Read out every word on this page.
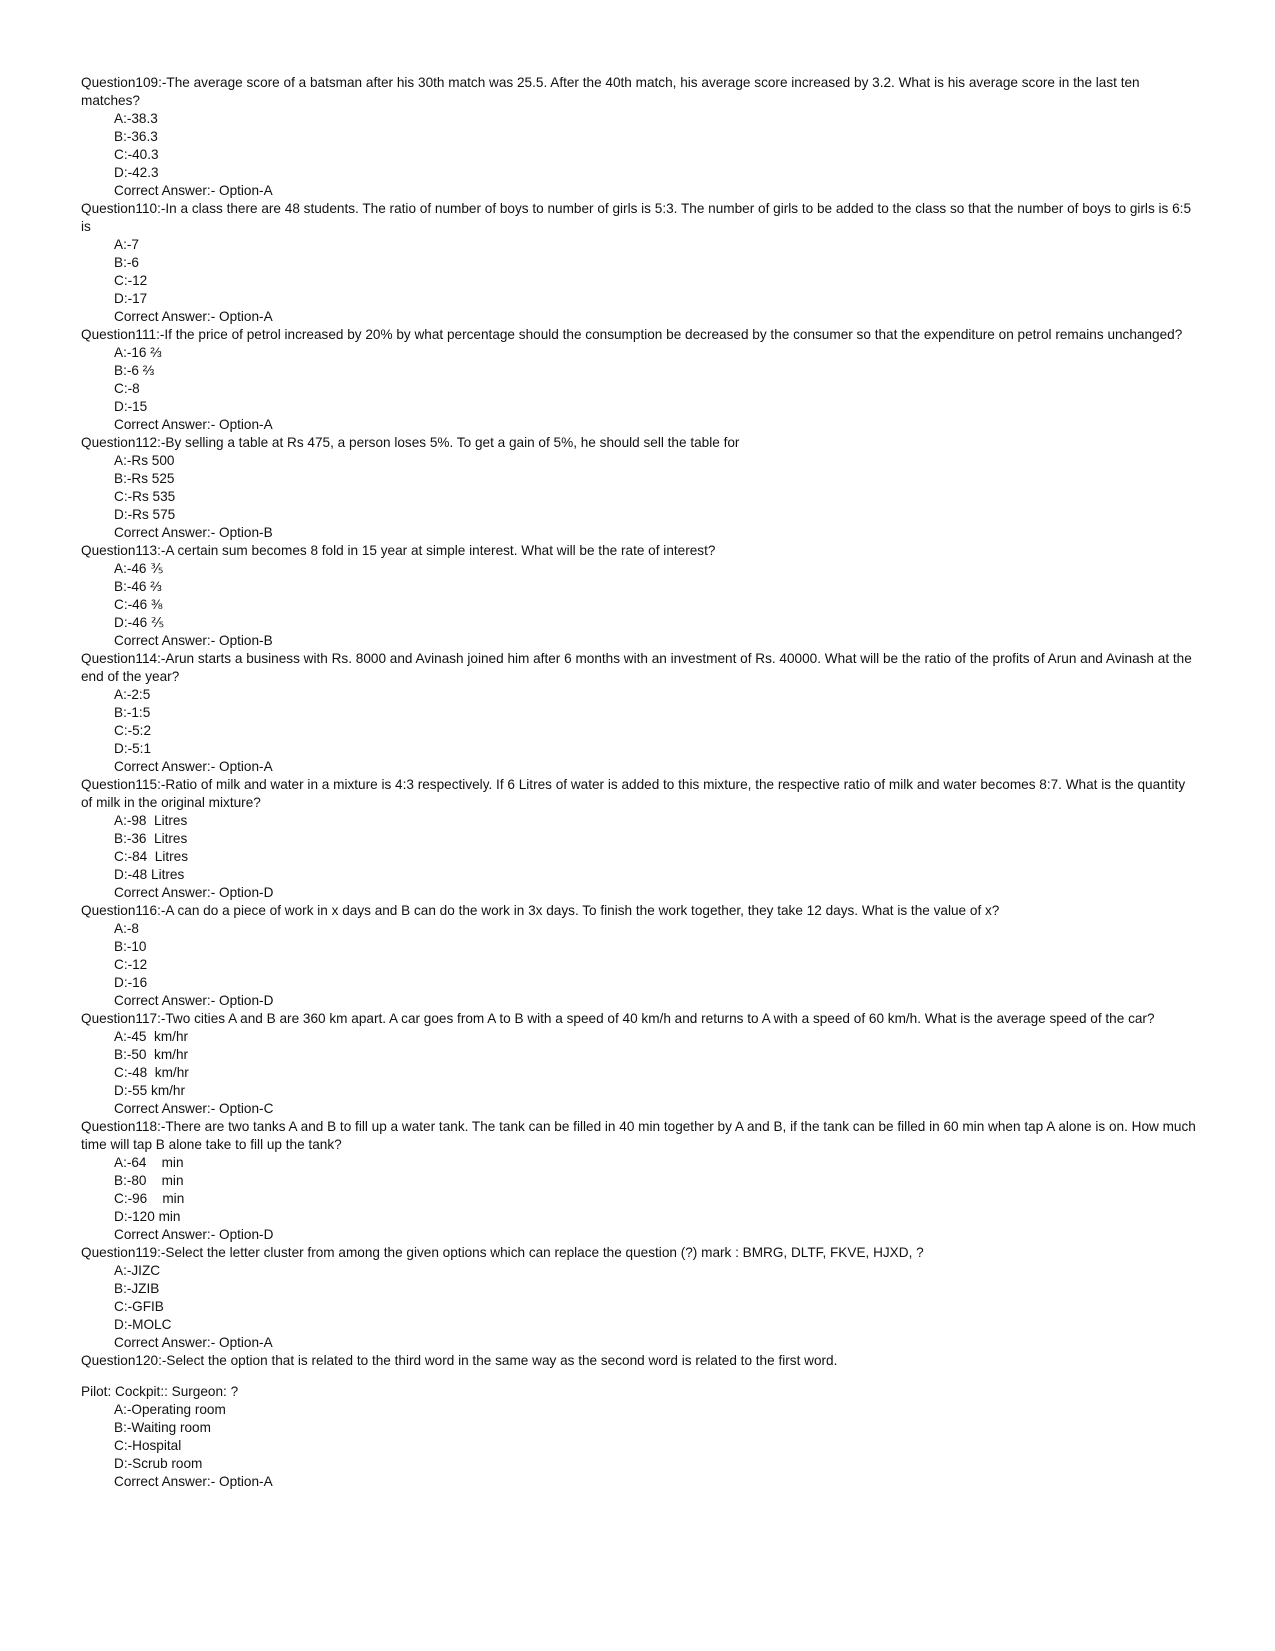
Question109:-The average score of a batsman after his 30th match was 25.5. After the 40th match, his average score increased by 3.2. What is his average score in the last ten matches?

A:-38.3

B:-36.3

C:-40.3

D:-42.3

Correct Answer:- Option-A

Question110:-In a class there are 48 students. The ratio of number of boys to number of girls is 5:3. The number of girls to be added to the class so that the number of boys to girls is 6:5 is

A:-7

B:-6

C:-12

D:-17

Correct Answer:- Option-A

Question111:-If the price of petrol increased by 20% by what percentage should the consumption be decreased by the consumer so that the expenditure on petrol remains unchanged?

A:-16 ⅔

B:-6 ⅔

C:-8

D:-15

Correct Answer:- Option-A

Question112:-By selling a table at Rs 475, a person loses 5%. To get a gain of 5%, he should sell the table for

A:-Rs 500

B:-Rs 525

C:-Rs 535

D:-Rs 575

Correct Answer:- Option-B

Question113:-A certain sum becomes 8 fold in 15 year at simple interest. What will be the rate of interest?

A:-46 ⅗

B:-46 ⅔

C:-46 ⅜

D:-46 ⅖

Correct Answer:- Option-B

Question114:-Arun starts a business with Rs. 8000 and Avinash joined him after 6 months with an investment of Rs. 40000. What will be the ratio of the profits of Arun and Avinash at the end of the year?

A:-2:5

B:-1:5

C:-5:2

D:-5:1

Correct Answer:- Option-A

Question115:-Ratio of milk and water in a mixture is 4:3 respectively. If 6 Litres of water is added to this mixture, the respective ratio of milk and water becomes 8:7. What is the quantity of milk in the original mixture?

A:-98  Litres

B:-36  Litres

C:-84  Litres

D:-48 Litres

Correct Answer:- Option-D

Question116:-A can do a piece of work in x days and B can do the work in 3x days. To finish the work together, they take 12 days. What is the value of x?

A:-8

B:-10

C:-12

D:-16

Correct Answer:- Option-D

Question117:-Two cities A and B are 360 km apart. A car goes from A to B with a speed of 40 km/h and returns to A with a speed of 60 km/h. What is the average speed of the car?

A:-45  km/hr

B:-50  km/hr

C:-48  km/hr

D:-55 km/hr

Correct Answer:- Option-C

Question118:-There are two tanks A and B to fill up a water tank. The tank can be filled in 40 min together by A and B, if the tank can be filled in 60 min when tap A alone is on. How much time will tap B alone take to fill up the tank?

A:-64    min

B:-80    min

C:-96    min

D:-120 min

Correct Answer:- Option-D

Question119:-Select the letter cluster from among the given options which can replace the question (?) mark : BMRG, DLTF, FKVE, HJXD, ?

A:-JIZC

B:-JZIB

C:-GFIB

D:-MOLC

Correct Answer:- Option-A

Question120:-Select the option that is related to the third word in the same way as the second word is related to the first word.

Pilot: Cockpit:: Surgeon: ?

A:-Operating room

B:-Waiting room

C:-Hospital

D:-Scrub room

Correct Answer:- Option-A
